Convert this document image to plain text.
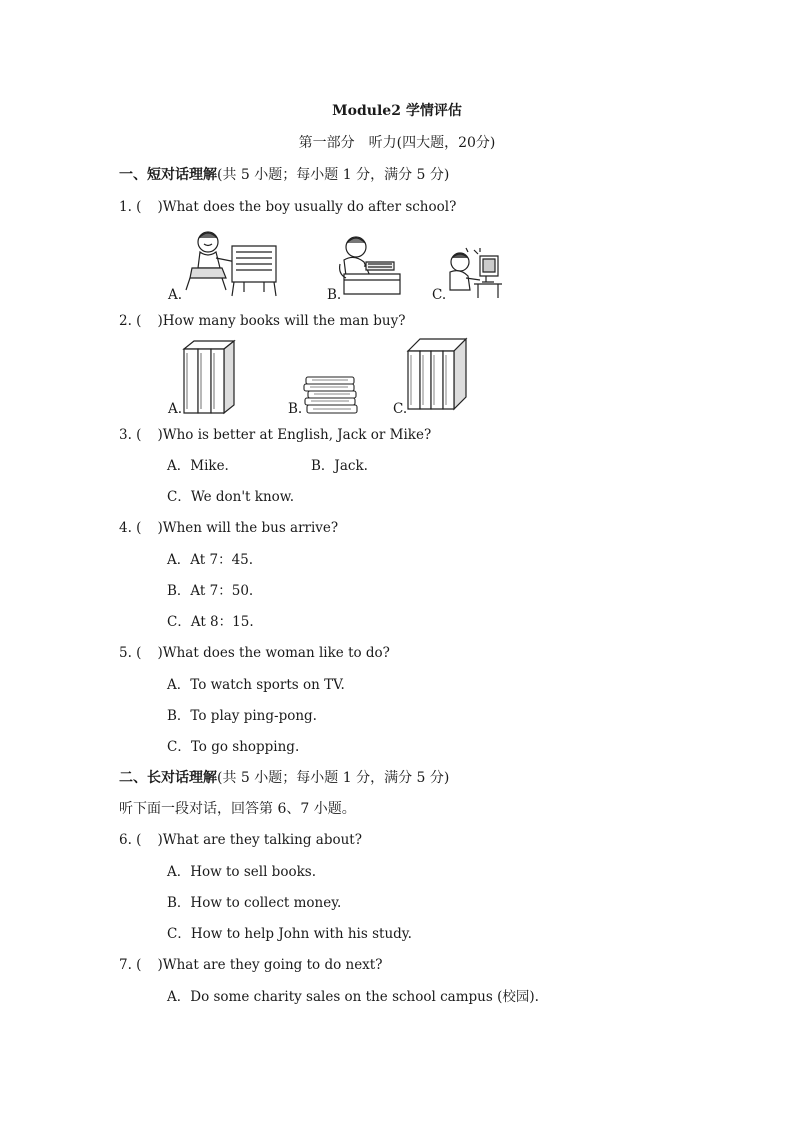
Module2 学情评估
第一部分　听力(四大题，20分)
一、短对话理解(共 5 小题；每小题 1 分，满分 5 分)
1. ( )What does the boy usually do after school?
A.	B.	C.
2. ( )How many books will the man buy?
A.	B.	C.
3. ( )Who is better at English, Jack or Mike?
A．Mike.	B．Jack.
C．We don't know.
4. ( )When will the bus arrive?
A．At 7：45.
B．At 7：50.
C．At 8：15.
5. ( )What does the woman like to do?
A．To watch sports on TV.
B．To play ping-pong.
C．To go shopping.
二、长对话理解(共 5 小题；每小题 1 分，满分 5 分)
听下面一段对话，回答第 6、7 小题。
6. ( )What are they talking about?
A．How to sell books.
B．How to collect money.
C．How to help John with his study.
7. ( )What are they going to do next?
A．Do some charity sales on the school campus (校园).
